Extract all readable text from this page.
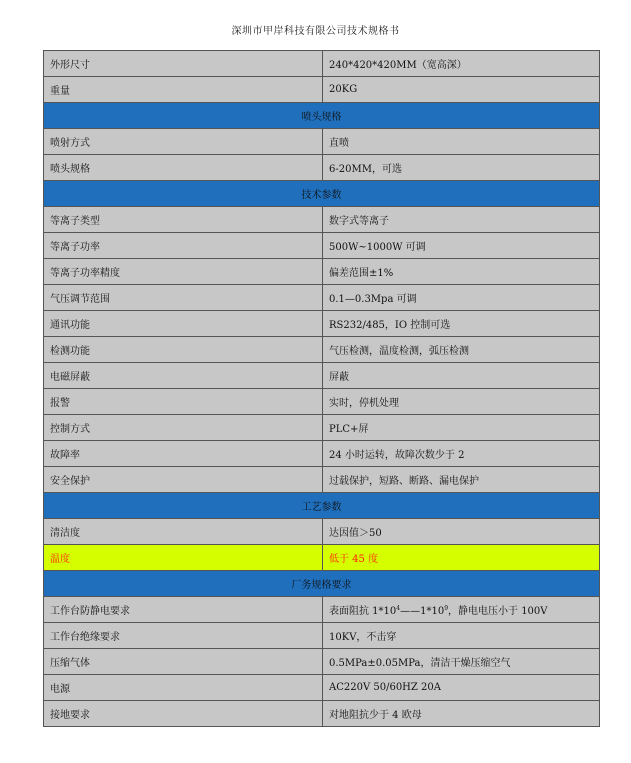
深圳市甲岸科技有限公司技术规格书
外形尺寸	240*420*420MM（宽高深）
重量	20KG
喷头规格	
喷射方式	直喷
喷头规格	6-20MM，可选
技术参数	
等离子类型	数字式等离子
等离子功率	500W~1000W 可调
等离子功率精度	偏差范围±1%
气压调节范围	0.1—0.3Mpa 可调
通讯功能	RS232/485，IO 控制可选
检测功能	气压检测，温度检测，弧压检测
电磁屏蔽	屏蔽
报警	实时，停机处理
控制方式	PLC+屏
故障率	24 小时运转，故障次数少于 2
安全保护	过载保护，短路、断路、漏电保护
工艺参数	
清洁度	达因值＞50
温度	低于 45 度
厂务规格要求	
工作台防静电要求	表面阻抗 $1*10^4——1*10^9$，静电电压小于 100V
工作台绝缘要求	10KV，不击穿
压缩气体	0.5MPa±0.05MPa，清洁干燥压缩空气
电源	AC220V 50/60HZ 20A
接地要求	对地阻抗少于 4 欧母
